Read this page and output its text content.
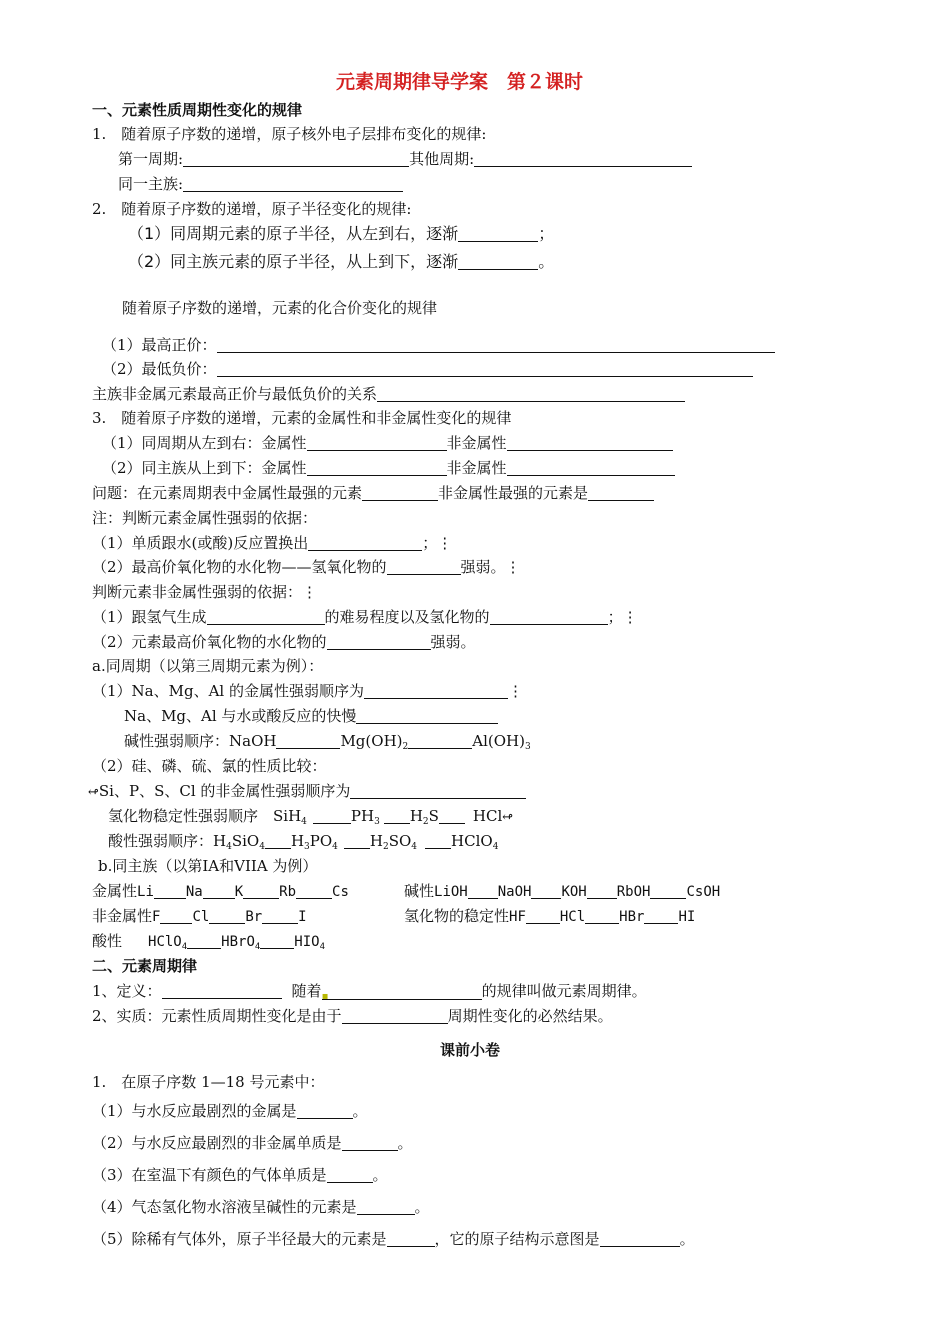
元素周期律导学案　第２课时
一、元素性质周期性变化的规律
1.　随着原子序数的递增，原子核外电子层排布变化的规律:
第一周期:	其他周期:
同一主族:
2.　随着原子序数的递增，原子半径变化的规律:
（1）同周期元素的原子半径，从左到右，逐渐	；
（2）同主族元素的原子半径，从上到下，逐渐	。
随着原子序数的递增，元素的化合价变化的规律
（1）最高正价：
（2）最低负价：
主族非金属元素最高正价与最低负价的关系
3.　随着原子序数的递增，元素的金属性和非金属性变化的规律
（1）同周期从左到右：金属性	非金属性
（2）同主族从上到下：金属性	非金属性
问题：在元素周期表中金属性最强的元素	非金属性最强的元素是
注：判断元素金属性强弱的依据：
（1）单质跟水(或酸)反应置换出	；⋮
（2）最高价氧化物的水化物——氢氧化物的	强弱。⋮
判断元素非金属性强弱的依据：⋮
（1）跟氢气生成	的难易程度以及氢化物的	；⋮
（2）元素最高价氧化物的水化物的	强弱。
a.同周期（以第三周期元素为例）：
（1）Na、Mg、Al 的金属性强弱顺序为	⋮
Na、Mg、Al 与水或酸反应的快慢
碱性强弱顺序：NaOH	$Mg(OH)_2$	$Al(OH)_3$
（2）硅、磷、硫、氯的性质比较：
↫Si、P、S、Cl 的非金属性强弱顺序为
氢化物稳定性强弱顺序　SiH$_4$	$PH_3$ $H_2S$ HCl↫
酸性强弱顺序：$H_4SiO_4$ $H_3PO_4$ $H_2SO_4$ HClO$_4$
b.同主族（以第IA和VIIA 为例）
金属性Li Na K	Rb	Cs	碱性LiOH NaOH KOH RbOH	CsOH
非金属性F Cl	Br	I	氢化物的稳定性HF HCl HBr HI
酸性 HClO$_4$ HBrO$_4$ $HIO_4$
二、元素周期律
1、定义：	随着▪	的规律叫做元素周期律。
2、实质：元素性质周期性变化是由于	周期性变化的必然结果。
课前小卷
1.　在原子序数 1—18 号元素中：
（1）与水反应最剧烈的金属是	。
（2）与水反应最剧烈的非金属单质是	。
（3）在室温下有颜色的气体单质是	。
（4）气态氢化物水溶液呈碱性的元素是	。
（5）除稀有气体外，原子半径最大的元素是	，它的原子结构示意图是	。
